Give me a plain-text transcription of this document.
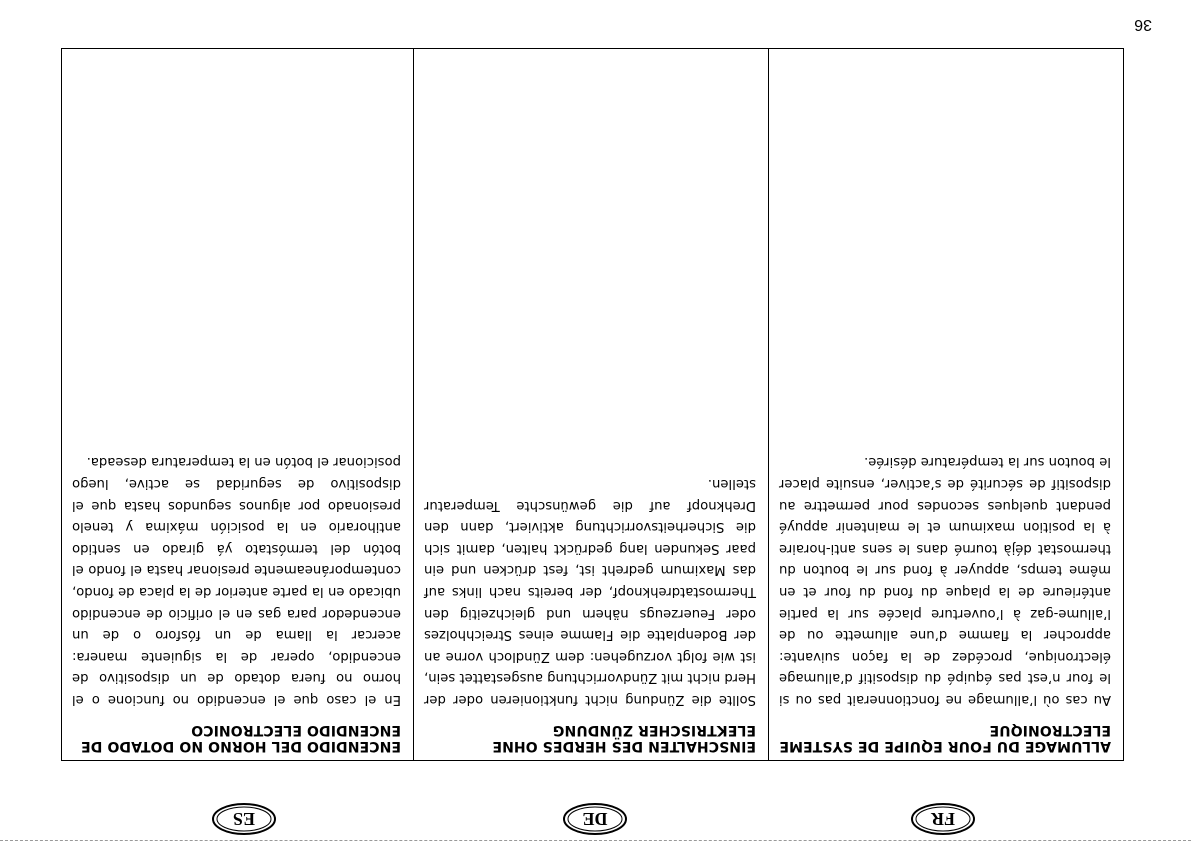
36
FR
DE
ES
ALLUMAGE DU FOUR EQUIPE DE SYSTEME ELECTRONIQUE

Au cas où l’allumage ne fonctionnerait pas ou si le four n’est pas équipé du dispositif d’allumage électronique, procédez de la façon suivante: approcher la flamme d’une allumette ou de l’allume-gaz à l’ouverture placée sur la partie antérieure de la plaque du fond du four et en même temps, appuyer à fond sur le bouton du thermostat déjà tourné dans le sens anti-horaire à la position maximum et le maintenir appuyé pendant quelques secondes pour permettre au dispositif de sécurité de s’activer, ensuite placer le bouton sur la température désirée.

EINSCHALTEN DES HERDES OHNE ELEKTRISCHER ZÜNDUNG

Sollte die Zündung nicht funktionieren oder der Herd nicht mit Zündvorrichtung ausgestattet sein, ist wie folgt vorzugehen: dem Zündloch vorne an der Bodenplatte die Flamme eines Streichholzes oder Feuerzeugs nähern und gleichzeitig den Thermostatdrehknopf, der bereits nach links auf das Maximum gedreht ist, fest drücken und ein paar Sekunden lang gedrückt halten, damit sich die Sicherheitsvorrichtung aktiviert, dann den Drehknopf auf die gewünschte Temperatur stellen.

ENCENDIDO DEL HORNO NO DOTADO DE ENCENDIDO ELECTRONICO

En el caso que el encendido no funcione o el horno no fuera dotado de un dispositivo de encendido, operar de la siguiente manera: acercar la llama de un fósforo o de un encendedor para gas en el orificio de encendido ubicado en la parte anterior de la placa de fondo, contemporáneamente presionar hasta el fondo el botón del termóstato yá girado en sentido antihorario en la posición máxima y tenelo presionado por algunos segundos hasta que el dispositivo de seguridad se active, luego posicionar el botón en la temperatura deseada.
